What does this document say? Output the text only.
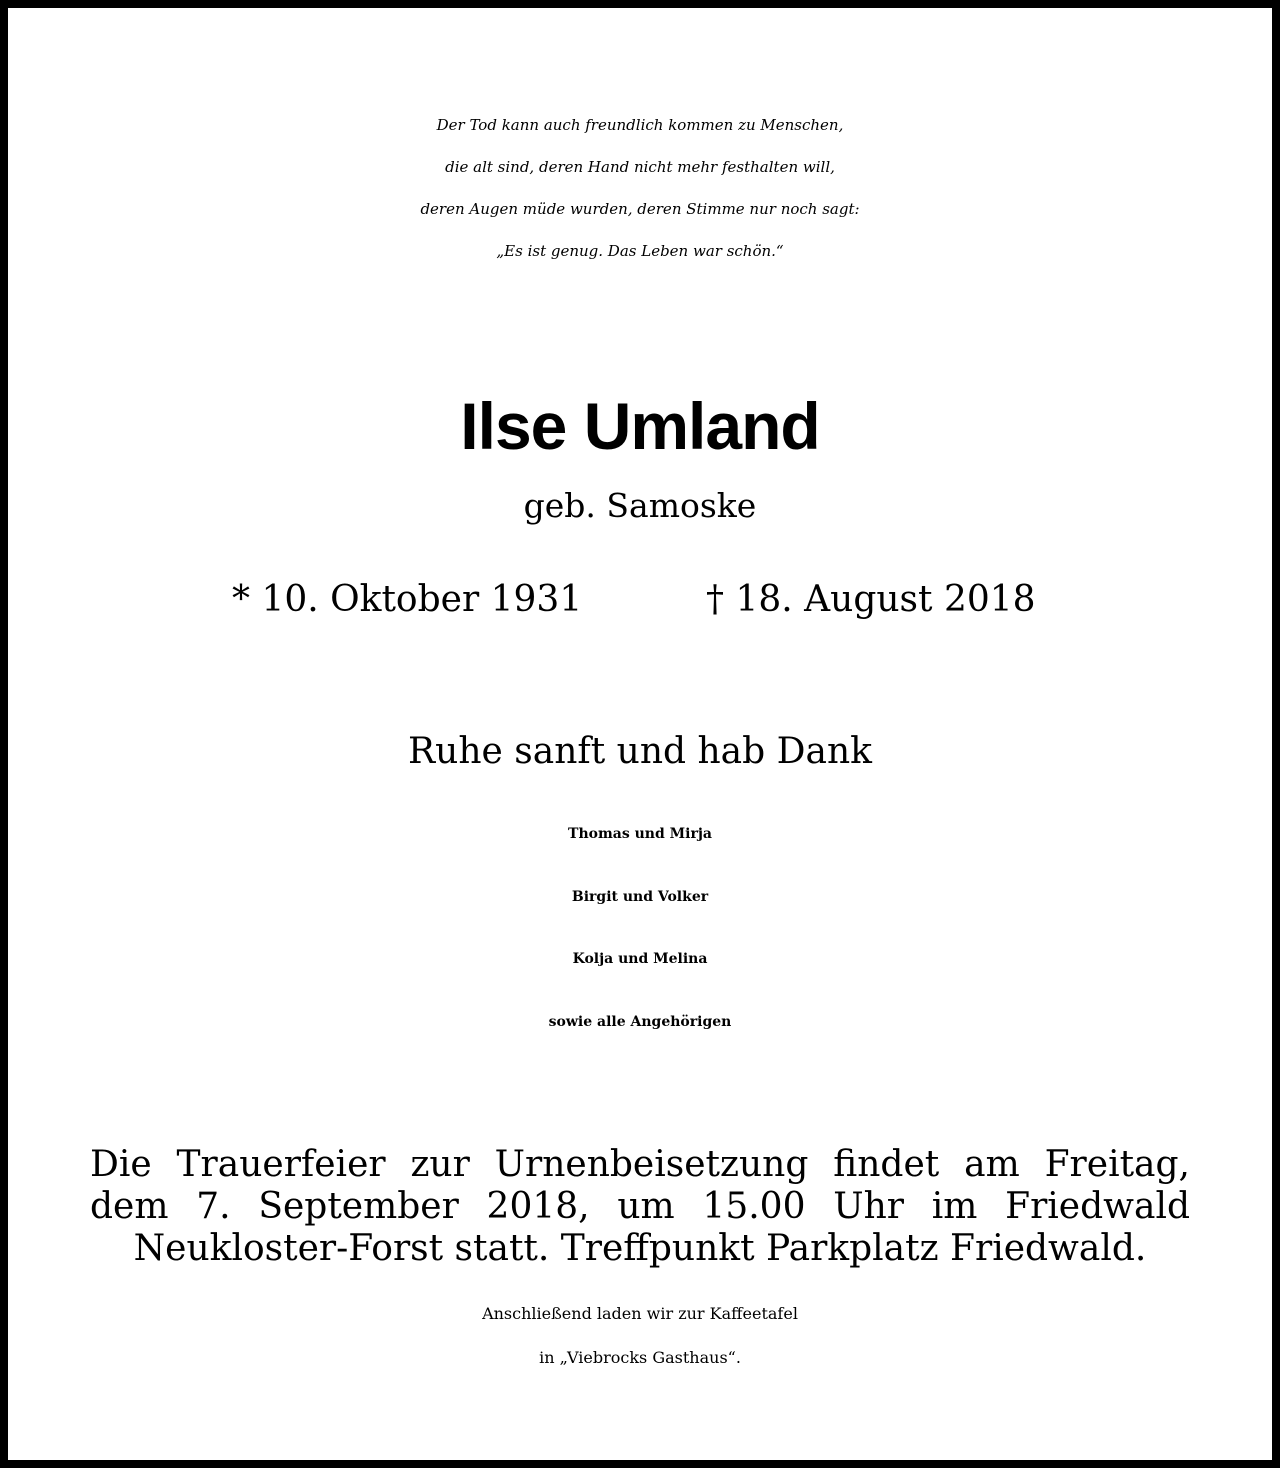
Der Tod kann auch freundlich kommen zu Menschen,
die alt sind, deren Hand nicht mehr festhalten will,
deren Augen müde wurden, deren Stimme nur noch sagt:
„Es ist genug. Das Leben war schön.“
Ilse Umland
geb. Samoske
* 10. Oktober 1931	† 18. August 2018
Ruhe sanft und hab Dank
Thomas und Mirja
Birgit und Volker
Kolja und Melina
sowie alle Angehörigen
Die Trauerfeier zur Urnenbeisetzung findet am Freitag,
dem 7. September 2018, um 15.00 Uhr im Friedwald
Neukloster-Forst statt. Treffpunkt Parkplatz Friedwald.
Anschließend laden wir zur Kaffeetafel
in „Viebrocks Gasthaus“.
